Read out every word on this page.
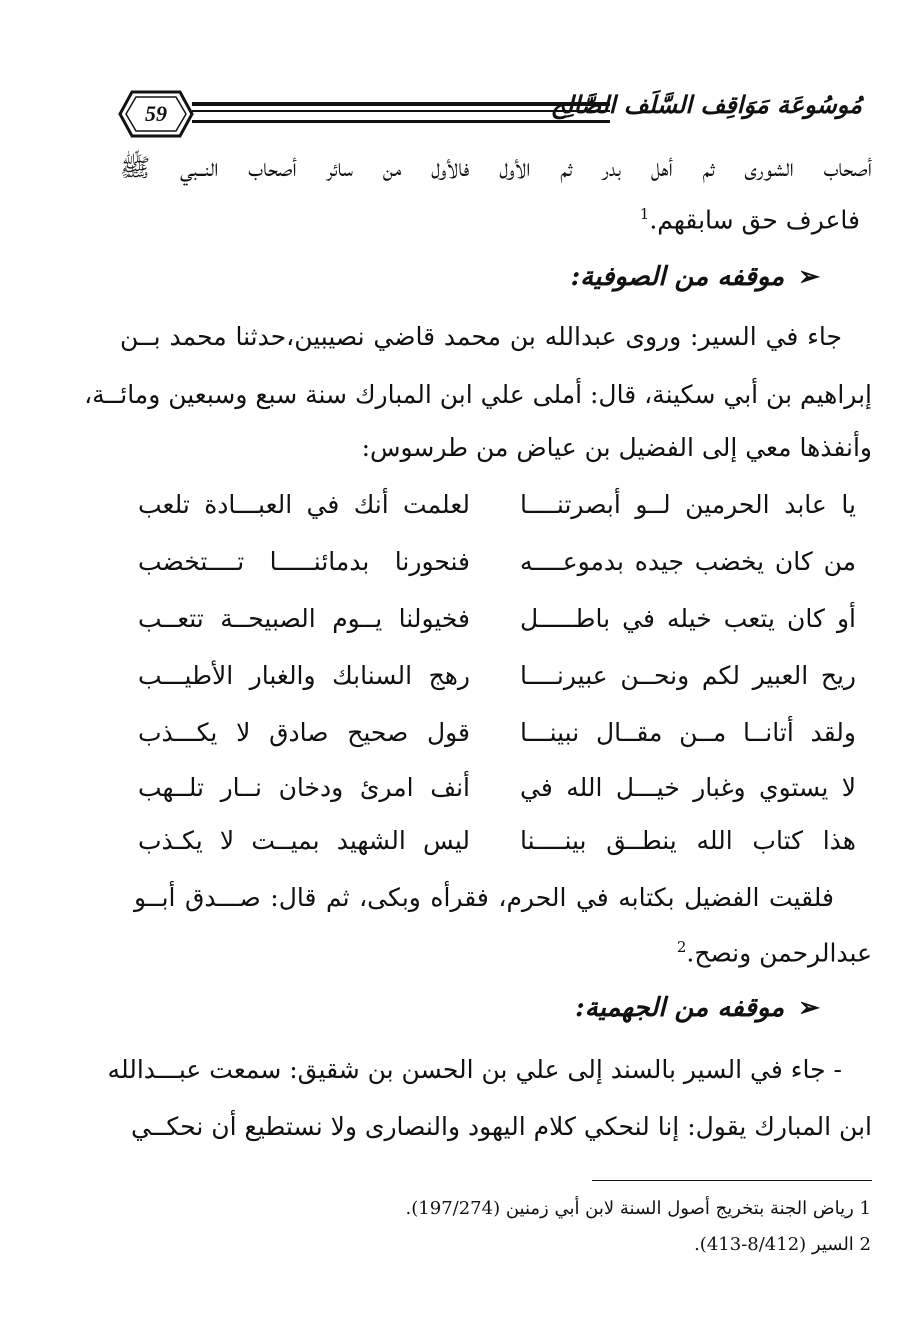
59	مُوسُوعَة مَوَاقِف السَّلَف الصَّالِح
أصحاب الشورى ثم أهل بدر ثم الأول فالأول من سائر أصحاب النــبي ﷺ
فاعرف حق سابقهم.$^1$
➢موقفه من الصوفية:
جاء في السير: وروى عبدالله بن محمد قاضي نصيبين،حدثنا محمد بــن
إبراهيم بن أبي سكينة، قال: أملى علي ابن المبارك سنة سبع وسبعين ومائــة،
وأنفذها معي إلى الفضيل بن عياض من طرسوس:
يا عابد الحرمين لــو أبصرتنــــا
لعلمت أنك في العبـــادة تلعب
من كان يخضب جيده بدموعــــه
فنحورنا بدمائنـــــا تــــتخضب
أو كان يتعب خيله في باطـــــل
فخيولنا يــوم الصبيحــة تتعــب
ريح العبير لكم ونحــن عبيرنــــا
رهج السنابك والغبار الأطيـــب
ولقد أتانــا مــن مقــال نبينـــا
قول صحيح صادق لا يكـــذب
لا يستوي وغبار خيـــل الله في
أنف امرئ ودخان نــار تلــهب
هذا كتاب الله ينطــق بينــــنا
ليس الشهيد بميــت لا يكـذب
فلقيت الفضيل بكتابه في الحرم، فقرأه وبكى، ثم قال: صـــدق أبــو
عبدالرحمن ونصح.$^2$
➢موقفه من الجهمية:
- جاء في السير بالسند إلى علي بن الحسن بن شقيق: سمعت عبـــدالله
ابن المبارك يقول: إنا لنحكي كلام اليهود والنصارى ولا نستطيع أن نحكــي
1 رياض الجنة بتخريج أصول السنة لابن أبي زمنين (197/274).
2 السير (8/412-413).
